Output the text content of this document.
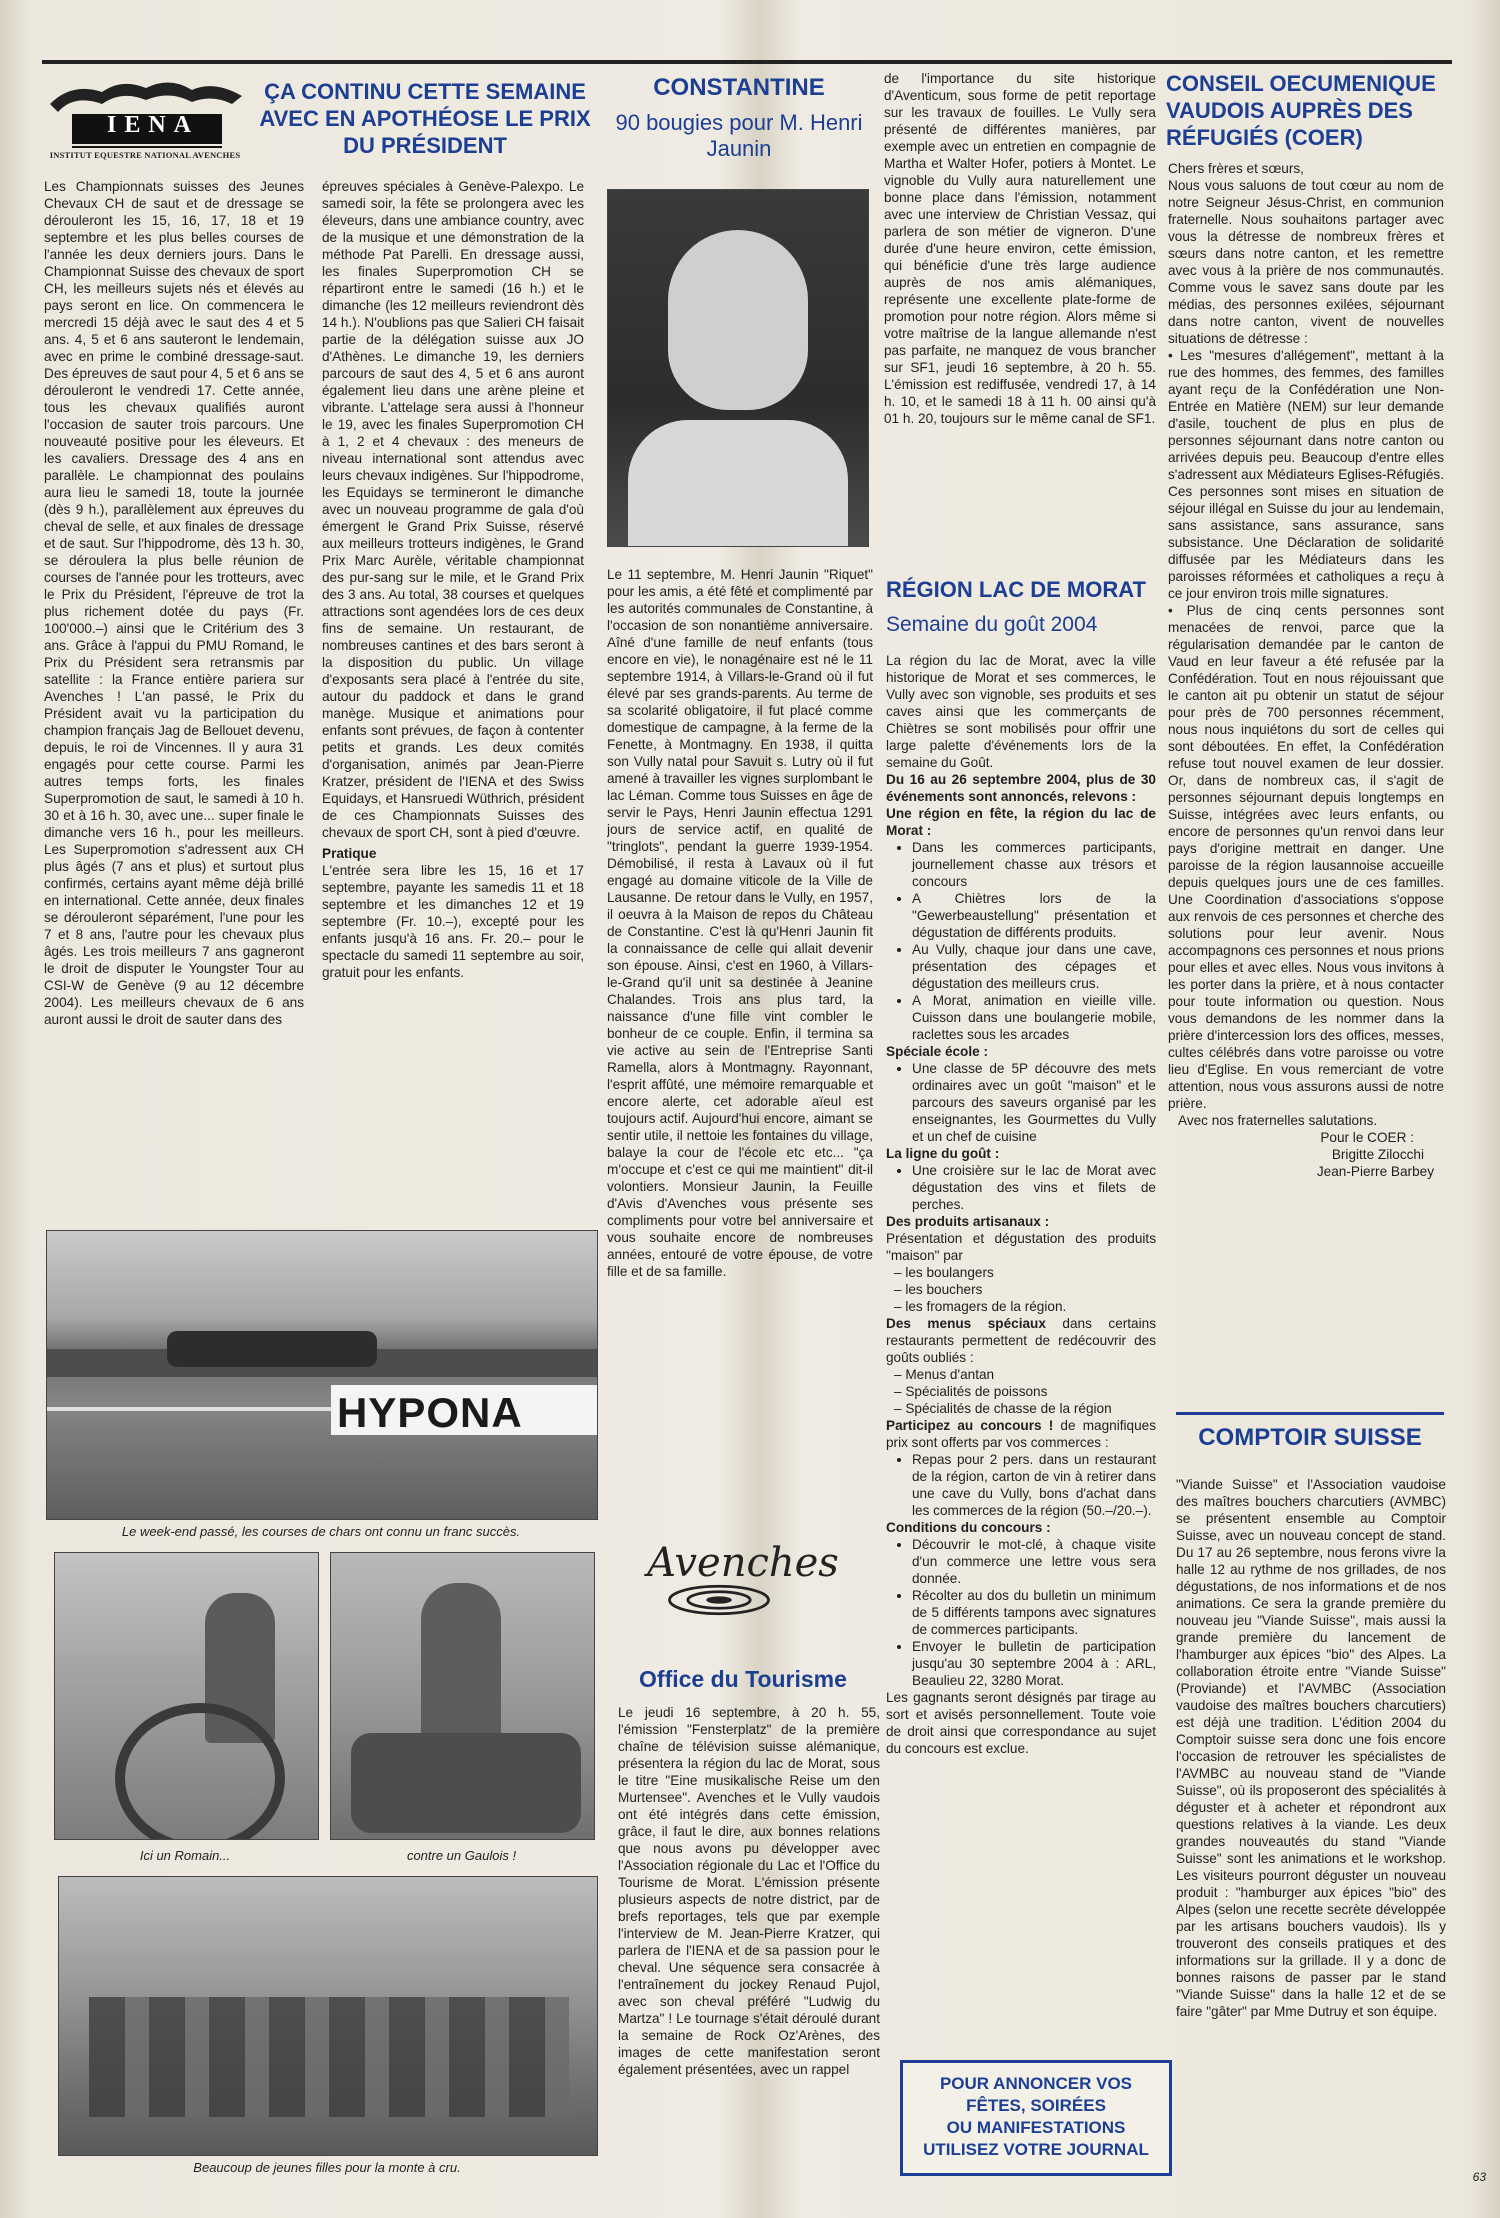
IENA
INSTITUT EQUESTRE NATIONAL AVENCHES
ÇA CONTINU CETTE SEMAINE AVEC EN APOTHÉOSE LE PRIX DU PRÉSIDENT

Les Championnats suisses des Jeunes Chevaux CH de saut et de dressage se dérouleront les 15, 16, 17, 18 et 19 septembre et les plus belles courses de l'année les deux derniers jours. Dans le Championnat Suisse des chevaux de sport CH, les meilleurs sujets nés et élevés au pays seront en lice. On commencera le mercredi 15 déjà avec le saut des 4 et 5 ans. 4, 5 et 6 ans sauteront le lendemain, avec en prime le combiné dressage-saut. Des épreuves de saut pour 4, 5 et 6 ans se dérouleront le vendredi 17. Cette année, tous les chevaux qualifiés auront l'occasion de sauter trois parcours. Une nouveauté positive pour les éleveurs. Et les cavaliers. Dressage des 4 ans en parallèle. Le championnat des poulains aura lieu le samedi 18, toute la journée (dès 9 h.), parallèlement aux épreuves du cheval de selle, et aux finales de dressage et de saut. Sur l'hippodrome, dès 13 h. 30, se déroulera la plus belle réunion de courses de l'année pour les trotteurs, avec le Prix du Président, l'épreuve de trot la plus richement dotée du pays (Fr. 100'000.–) ainsi que le Critérium des 3 ans. Grâce à l'appui du PMU Romand, le Prix du Président sera retransmis par satellite : la France entière pariera sur Avenches ! L'an passé, le Prix du Président avait vu la participation du champion français Jag de Bellouet devenu, depuis, le roi de Vincennes. Il y aura 31 engagés pour cette course. Parmi les autres temps forts, les finales Superpromotion de saut, le samedi à 10 h. 30 et à 16 h. 30, avec une... super finale le dimanche vers 16 h., pour les meilleurs. Les Superpromotion s'adressent aux CH plus âgés (7 ans et plus) et surtout plus confirmés, certains ayant même déjà brillé en international. Cette année, deux finales se dérouleront séparément, l'une pour les 7 et 8 ans, l'autre pour les chevaux plus âgés. Les trois meilleurs 7 ans gagneront le droit de disputer le Youngster Tour au CSI-W de Genève (9 au 12 décembre 2004). Les meilleurs chevaux de 6 ans auront aussi le droit de sauter dans des

épreuves spéciales à Genève-Palexpo. Le samedi soir, la fête se prolongera avec les éleveurs, dans une ambiance country, avec de la musique et une démonstration de la méthode Pat Parelli. En dressage aussi, les finales Superpromotion CH se répartiront entre le samedi (16 h.) et le dimanche (les 12 meilleurs reviendront dès 14 h.). N'oublions pas que Salieri CH faisait partie de la délégation suisse aux JO d'Athènes. Le dimanche 19, les derniers parcours de saut des 4, 5 et 6 ans auront également lieu dans une arène pleine et vibrante. L'attelage sera aussi à l'honneur le 19, avec les finales Superpromotion CH à 1, 2 et 4 chevaux : des meneurs de niveau international sont attendus avec leurs chevaux indigènes. Sur l'hippodrome, les Equidays se termineront le dimanche avec un nouveau programme de gala d'où émergent le Grand Prix Suisse, réservé aux meilleurs trotteurs indigènes, le Grand Prix Marc Aurèle, véritable championnat des pur-sang sur le mile, et le Grand Prix des 3 ans. Au total, 38 courses et quelques attractions sont agendées lors de ces deux fins de semaine. Un restaurant, de nombreuses cantines et des bars seront à la disposition du public. Un village d'exposants sera placé à l'entrée du site, autour du paddock et dans le grand manège. Musique et animations pour enfants sont prévues, de façon à contenter petits et grands. Les deux comités d'organisation, animés par Jean-Pierre Kratzer, président de l'IENA et des Swiss Equidays, et Hansruedi Wüthrich, président de ces Championnats Suisses des chevaux de sport CH, sont à pied d'œuvre.

Pratique

L'entrée sera libre les 15, 16 et 17 septembre, payante les samedis 11 et 18 septembre et les dimanches 12 et 19 septembre (Fr. 10.–), excepté pour les enfants jusqu'à 16 ans. Fr. 20.– pour le spectacle du samedi 11 septembre au soir, gratuit pour les enfants.

HYPONA
Le week-end passé, les courses de chars ont connu un franc succès.
Ici un Romain...	contre un Gaulois !
Beaucoup de jeunes filles pour la monte à cru.
CONSTANTINE
90 bougies pour M. Henri Jaunin

Le 11 septembre, M. Henri Jaunin "Riquet" pour les amis, a été fêté et complimenté par les autorités communales de Constantine, à l'occasion de son nonantième anniversaire. Aîné d'une famille de neuf enfants (tous encore en vie), le nonagénaire est né le 11 septembre 1914, à Villars-le-Grand où il fut élevé par ses grands-parents. Au terme de sa scolarité obligatoire, il fut placé comme domestique de campagne, à la ferme de la Fenette, à Montmagny. En 1938, il quitta son Vully natal pour Savuit s. Lutry où il fut amené à travailler les vignes surplombant le lac Léman. Comme tous Suisses en âge de servir le Pays, Henri Jaunin effectua 1291 jours de service actif, en qualité de "tringlots", pendant la guerre 1939-1954. Démobilisé, il resta à Lavaux où il fut engagé au domaine viticole de la Ville de Lausanne. De retour dans le Vully, en 1957, il oeuvra à la Maison de repos du Château de Constantine. C'est là qu'Henri Jaunin fit la connaissance de celle qui allait devenir son épouse. Ainsi, c'est en 1960, à Villars-le-Grand qu'il unit sa destinée à Jeanine Chalandes. Trois ans plus tard, la naissance d'une fille vint combler le bonheur de ce couple. Enfin, il termina sa vie active au sein de l'Entreprise Santi Ramella, alors à Montmagny. Rayonnant, l'esprit affûté, une mémoire remarquable et encore alerte, cet adorable aïeul est toujours actif. Aujourd'hui encore, aimant se sentir utile, il nettoie les fontaines du village, balaye la cour de l'école etc etc... "ça m'occupe et c'est ce qui me maintient" dit-il volontiers. Monsieur Jaunin, la Feuille d'Avis d'Avenches vous présente ses compliments pour votre bel anniversaire et vous souhaite encore de nombreuses années, entouré de votre épouse, de votre fille et de sa famille.

Avenches
Office du Tourisme

Le jeudi 16 septembre, à 20 h. 55, l'émission "Fensterplatz" de la première chaîne de télévision suisse alémanique, présentera la région du lac de Morat, sous le titre "Eine musikalische Reise um den Murtensee". Avenches et le Vully vaudois ont été intégrés dans cette émission, grâce, il faut le dire, aux bonnes relations que nous avons pu développer avec l'Association régionale du Lac et l'Office du Tourisme de Morat. L'émission présente plusieurs aspects de notre district, par de brefs reportages, tels que par exemple l'interview de M. Jean-Pierre Kratzer, qui parlera de l'IENA et de sa passion pour le cheval. Une séquence sera consacrée à l'entraînement du jockey Renaud Pujol, avec son cheval préféré "Ludwig du Martza" ! Le tournage s'était déroulé durant la semaine de Rock Oz'Arènes, des images de cette manifestation seront également présentées, avec un rappel

de l'importance du site historique d'Aventicum, sous forme de petit reportage sur les travaux de fouilles. Le Vully sera présenté de différentes manières, par exemple avec un entretien en compagnie de Martha et Walter Hofer, potiers à Montet. Le vignoble du Vully aura naturellement une bonne place dans l'émission, notamment avec une interview de Christian Vessaz, qui parlera de son métier de vigneron. D'une durée d'une heure environ, cette émission, qui bénéficie d'une très large audience auprès de nos amis alémaniques, représente une excellente plate-forme de promotion pour notre région. Alors même si votre maîtrise de la langue allemande n'est pas parfaite, ne manquez de vous brancher sur SF1, jeudi 16 septembre, à 20 h. 55. L'émission est rediffusée, vendredi 17, à 14 h. 10, et le samedi 18 à 11 h. 00 ainsi qu'à 01 h. 20, toujours sur le même canal de SF1.

RÉGION LAC DE MORAT
Semaine du goût 2004

La région du lac de Morat, avec la ville historique de Morat et ses commerces, le Vully avec son vignoble, ses produits et ses caves ainsi que les commerçants de Chiètres se sont mobilisés pour offrir une large palette d'événements lors de la semaine du Goût.

Du 16 au 26 septembre 2004, plus de 30 événements sont annoncés, relevons :

Une région en fête, la région du lac de Morat :

• Dans les commerces participants, journellement chasse aux trésors et concours
• A Chiètres lors de la "Gewerbeaustellung" présentation et dégustation de différents produits.
• Au Vully, chaque jour dans une cave, présentation des cépages et dégustation des meilleurs crus.
• A Morat, animation en vieille ville. Cuisson dans une boulangerie mobile, raclettes sous les arcades

Spéciale école :

• Une classe de 5P découvre des mets ordinaires avec un goût "maison" et le parcours des saveurs organisé par les enseignantes, les Gourmettes du Vully et un chef de cuisine

La ligne du goût :

• Une croisière sur le lac de Morat avec dégustation des vins et filets de perches.

Des produits artisanaux :

Présentation et dégustation des produits "maison" par

– les boulangers
– les bouchers
– les fromagers de la région.

Des menus spéciaux dans certains restaurants permettent de redécouvrir des goûts oubliés :

– Menus d'antan
– Spécialités de poissons
– Spécialités de chasse de la région

Participez au concours ! de magnifiques prix sont offerts par vos commerces :

• Repas pour 2 pers. dans un restaurant de la région, carton de vin à retirer dans une cave du Vully, bons d'achat dans les commerces de la région (50.–/20.–).

Conditions du concours :

• Découvrir le mot-clé, à chaque visite d'un commerce une lettre vous sera donnée.
• Récolter au dos du bulletin un minimum de 5 différents tampons avec signatures de commerces participants.
• Envoyer le bulletin de participation jusqu'au 30 septembre 2004 à : ARL, Beaulieu 22, 3280 Morat.

Les gagnants seront désignés par tirage au sort et avisés personnellement. Toute voie de droit ainsi que correspondance au sujet du concours est exclue.

POUR ANNONCER VOS
FÊTES, SOIRÉES
OU MANIFESTATIONS
UTILISEZ VOTRE JOURNAL
CONSEIL OECUMENIQUE VAUDOIS AUPRÈS DES RÉFUGIÉS (COER)

Chers frères et sœurs,

Nous vous saluons de tout cœur au nom de notre Seigneur Jésus-Christ, en communion fraternelle. Nous souhaitons partager avec vous la détresse de nombreux frères et sœurs dans notre canton, et les remettre avec vous à la prière de nos communautés. Comme vous le savez sans doute par les médias, des personnes exilées, séjournant dans notre canton, vivent de nouvelles situations de détresse :

• Les "mesures d'allégement", mettant à la rue des hommes, des femmes, des familles ayant reçu de la Confédération une Non-Entrée en Matière (NEM) sur leur demande d'asile, touchent de plus en plus de personnes séjournant dans notre canton ou arrivées depuis peu. Beaucoup d'entre elles s'adressent aux Médiateurs Eglises-Réfugiés. Ces personnes sont mises en situation de séjour illégal en Suisse du jour au lendemain, sans assistance, sans assurance, sans subsistance. Une Déclaration de solidarité diffusée par les Médiateurs dans les paroisses réformées et catholiques a reçu à ce jour environ trois mille signatures.

• Plus de cinq cents personnes sont menacées de renvoi, parce que la régularisation demandée par le canton de Vaud en leur faveur a été refusée par la Confédération. Tout en nous réjouissant que le canton ait pu obtenir un statut de séjour pour près de 700 personnes récemment, nous nous inquiétons du sort de celles qui sont déboutées. En effet, la Confédération refuse tout nouvel examen de leur dossier. Or, dans de nombreux cas, il s'agit de personnes séjournant depuis longtemps en Suisse, intégrées avec leurs enfants, ou encore de personnes qu'un renvoi dans leur pays d'origine mettrait en danger. Une paroisse de la région lausannoise accueille depuis quelques jours une de ces familles. Une Coordination d'associations s'oppose aux renvois de ces personnes et cherche des solutions pour leur avenir. Nous accompagnons ces personnes et nous prions pour elles et avec elles. Nous vous invitons à les porter dans la prière, et à nous contacter pour toute information ou question. Nous vous demandons de les nommer dans la prière d'intercession lors des offices, messes, cultes célébrés dans votre paroisse ou votre lieu d'Eglise. En vous remerciant de votre attention, nous vous assurons aussi de notre prière.

Avec nos fraternelles salutations.

Pour le COER :

Brigitte Zilocchi

Jean-Pierre Barbey

COMPTOIR SUISSE

"Viande Suisse" et l'Association vaudoise des maîtres bouchers charcutiers (AVMBC) se présentent ensemble au Comptoir Suisse, avec un nouveau concept de stand. Du 17 au 26 septembre, nous ferons vivre la halle 12 au rythme de nos grillades, de nos dégustations, de nos informations et de nos animations. Ce sera la grande première du nouveau jeu "Viande Suisse", mais aussi la grande première du lancement de l'hamburger aux épices "bio" des Alpes. La collaboration étroite entre "Viande Suisse" (Proviande) et l'AVMBC (Association vaudoise des maîtres bouchers charcutiers) est déjà une tradition. L'édition 2004 du Comptoir suisse sera donc une fois encore l'occasion de retrouver les spécialistes de l'AVMBC au nouveau stand de "Viande Suisse", où ils proposeront des spécialités à déguster et à acheter et répondront aux questions relatives à la viande. Les deux grandes nouveautés du stand "Viande Suisse" sont les animations et le workshop. Les visiteurs pourront déguster un nouveau produit : "hamburger aux épices "bio" des Alpes (selon une recette secrète développée par les artisans bouchers vaudois). Ils y trouveront des conseils pratiques et des informations sur la grillade. Il y a donc de bonnes raisons de passer par le stand "Viande Suisse" dans la halle 12 et de se faire "gâter" par Mme Dutruy et son équipe.

63
